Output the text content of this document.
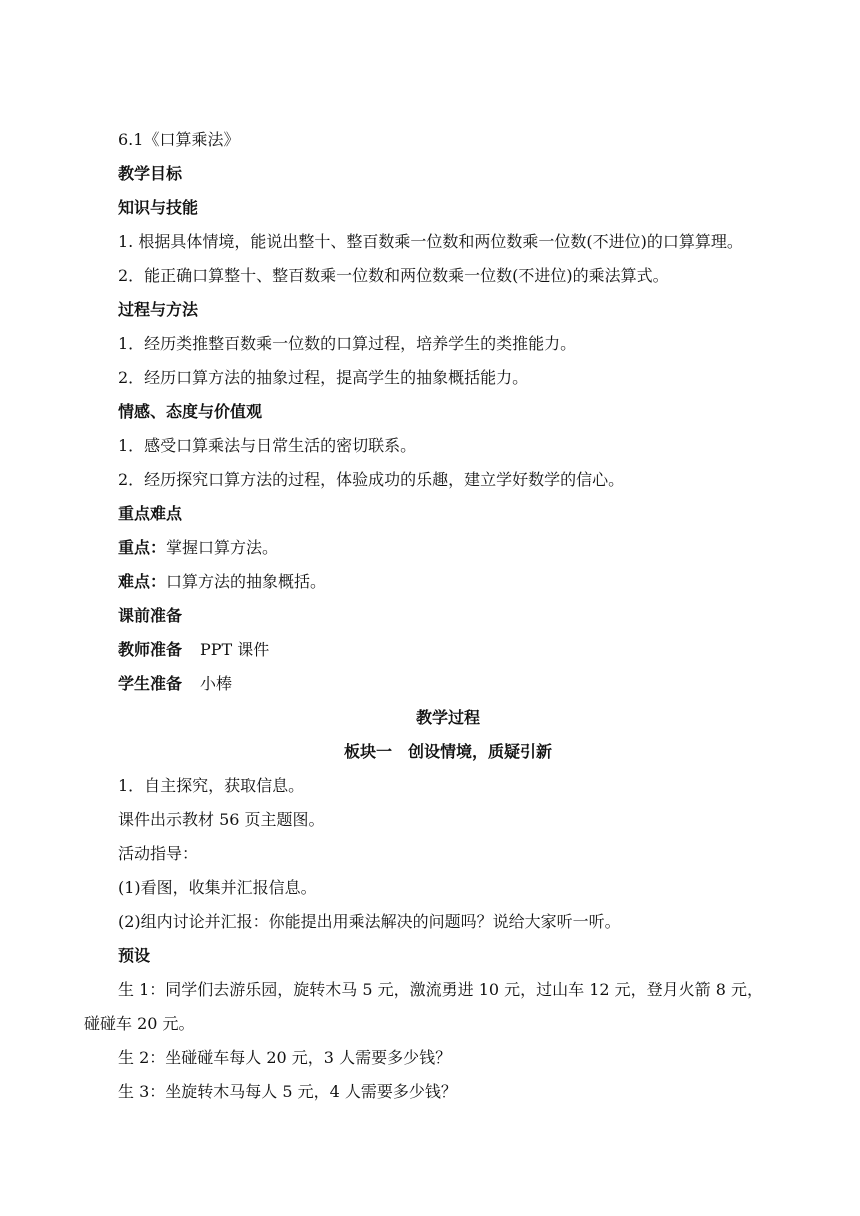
6.1《口算乘法》
教学目标
知识与技能
1. 根据具体情境，能说出整十、整百数乘一位数和两位数乘一位数(不进位)的口算算理。
2．能正确口算整十、整百数乘一位数和两位数乘一位数(不进位)的乘法算式。
过程与方法
1．经历类推整百数乘一位数的口算过程，培养学生的类推能力。
2．经历口算方法的抽象过程，提高学生的抽象概括能力。
情感、态度与价值观
1．感受口算乘法与日常生活的密切联系。
2．经历探究口算方法的过程，体验成功的乐趣，建立学好数学的信心。
重点难点
重点：掌握口算方法。
难点：口算方法的抽象概括。
课前准备
教师准备 PPT 课件
学生准备 小棒
教学过程
板块一　创设情境，质疑引新
1．自主探究，获取信息。
课件出示教材 56 页主题图。
活动指导：
(1)看图，收集并汇报信息。
(2)组内讨论并汇报：你能提出用乘法解决的问题吗？说给大家听一听。
预设
生 1：同学们去游乐园，旋转木马 5 元，激流勇进 10 元，过山车 12 元，登月火箭 8 元，
碰碰车 20 元。
生 2：坐碰碰车每人 20 元，3 人需要多少钱？
生 3：坐旋转木马每人 5 元，4 人需要多少钱？
